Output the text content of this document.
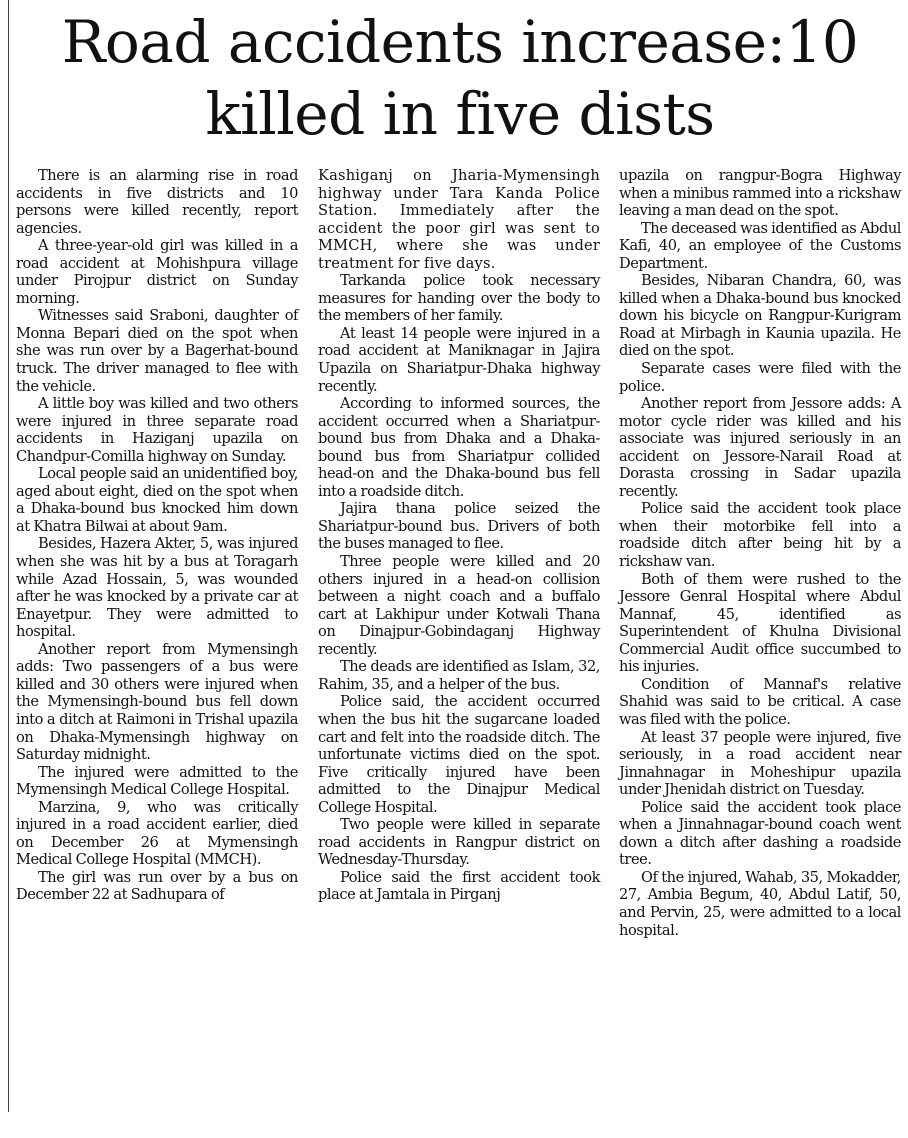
Road accidents increase:10 killed in five dists

There is an alarming rise in road accidents in five districts and 10 persons were killed recently, report agencies.

A three-year-old girl was killed in a road accident at Mohishpura village under Pirojpur district on Sunday morning.

Witnesses said Sraboni, daughter of Monna Bepari died on the spot when she was run over by a Bagerhat-bound truck. The driver managed to flee with the vehicle.

A little boy was killed and two others were injured in three separate road accidents in Haziganj upazila on Chandpur-Comilla highway on Sunday.

Local people said an unidentified boy, aged about eight, died on the spot when a Dhaka-bound bus knocked him down at Khatra Bilwai at about 9am.

Besides, Hazera Akter, 5, was injured when she was hit by a bus at Toragarh while Azad Hossain, 5, was wounded after he was knocked by a private car at Enayetpur. They were admitted to hospital.

Another report from Mymensingh adds: Two passengers of a bus were killed and 30 others were injured when the Mymensingh-bound bus fell down into a ditch at Raimoni in Trishal upazila on Dhaka-Mymensingh highway on Saturday midnight.

The injured were admitted to the Mymensingh Medical College Hospital.

Marzina, 9, who was critically injured in a road accident earlier, died on December 26 at Mymensingh Medical College Hospital (MMCH).

The girl was run over by a bus on December 22 at Sadhupara of

Kashiganj on Jharia-Mymensingh highway under Tara Kanda Police Station. Immediately after the accident the poor girl was sent to MMCH, where she was under treatment for five days.

Tarkanda police took necessary measures for handing over the body to the members of her family.

At least 14 people were injured in a road accident at Maniknagar in Jajira Upazila on Shariatpur-Dhaka highway recently.

According to informed sources, the accident occurred when a Shariatpur-bound bus from Dhaka and a Dhaka-bound bus from Shariatpur collided head-on and the Dhaka-bound bus fell into a roadside ditch.

Jajira thana police seized the Shariatpur-bound bus. Drivers of both the buses managed to flee.

Three people were killed and 20 others injured in a head-on collision between a night coach and a buffalo cart at Lakhipur under Kotwali Thana on Dinajpur-Gobindaganj Highway recently.

The deads are identified as Islam, 32, Rahim, 35, and a helper of the bus.

Police said, the accident occurred when the bus hit the sugarcane loaded cart and felt into the roadside ditch. The unfortunate victims died on the spot. Five critically injured have been admitted to the Dinajpur Medical College Hospital.

Two people were killed in separate road accidents in Rangpur district on Wednesday-Thursday.

Police said the first accident took place at Jamtala in Pirganj

upazila on rangpur-Bogra Highway when a minibus rammed into a rickshaw leaving a man dead on the spot.

The deceased was identified as Abdul Kafi, 40, an employee of the Customs Department.

Besides, Nibaran Chandra, 60, was killed when a Dhaka-bound bus knocked down his bicycle on Rangpur-Kurigram Road at Mirbagh in Kaunia upazila. He died on the spot.

Separate cases were filed with the police.

Another report from Jessore adds: A motor cycle rider was killed and his associate was injured seriously in an accident on Jessore-Narail Road at Dorasta crossing in Sadar upazila recently.

Police said the accident took place when their motorbike fell into a roadside ditch after being hit by a rickshaw van.

Both of them were rushed to the Jessore Genral Hospital where Abdul Mannaf, 45, identified as Superintendent of Khulna Divisional Commercial Audit office succumbed to his injuries.

Condition of Mannaf's relative Shahid was said to be critical. A case was filed with the police.

At least 37 people were injured, five seriously, in a road accident near Jinnahnagar in Moheshipur upazila under Jhenidah district on Tuesday.

Police said the accident took place when a Jinnahnagar-bound coach went down a ditch after dashing a roadside tree.

Of the injured, Wahab, 35, Mokadder, 27, Ambia Begum, 40, Abdul Latif, 50, and Pervin, 25, were admitted to a local hospital.
